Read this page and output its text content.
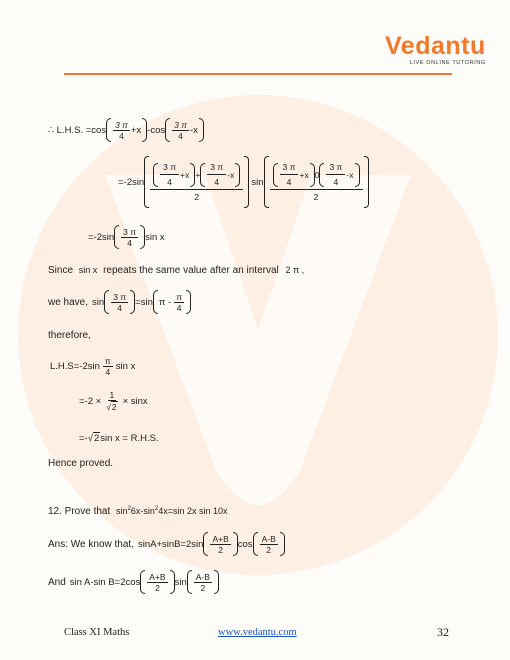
Vedantu
LIVE ONLINE TUTORING
∴ L.H.S. $=\cos \frac{3 \pi}{4} +x$ $-\cos \frac{3 \pi}{4} -x$
$=-2\sin \frac{\frac{3 \pi}{4} +x + \frac{3 \pi}{4} -x}{2}$ $\sin \frac{\frac{3 \pi}{4} +x 0 \frac{3 \pi}{4} -x}{2}$
$=-2\sin \frac{3 \pi}{4}$ sin x
Since sin x repeats the same value after an interval 2 π ,
we have, $\sin \frac{3 \pi}{4} =\sin$ π - $\frac{\pi}{4}$
therefore,
$L.H.S=-2\sin \frac{\pi}{4}$ sin x
$=-2 \times \frac{1}{√ 2} \times \sin x$
=- √ 2 sin x = R.H.S.
Hence proved.
12. Prove that $\sin^26x-\sin^24x=\sin$ 2x sin 10x
Ans: We know that, $\sin A+\sin B=2\sin \frac{A+B}{2}$ $\cos \frac{A-B}{2}$
And sin A-sin $B=2\cos \frac{A+B}{2}$ $\sin \frac{A-B}{2}$
Class XI Maths	www.vedantu.com	32
